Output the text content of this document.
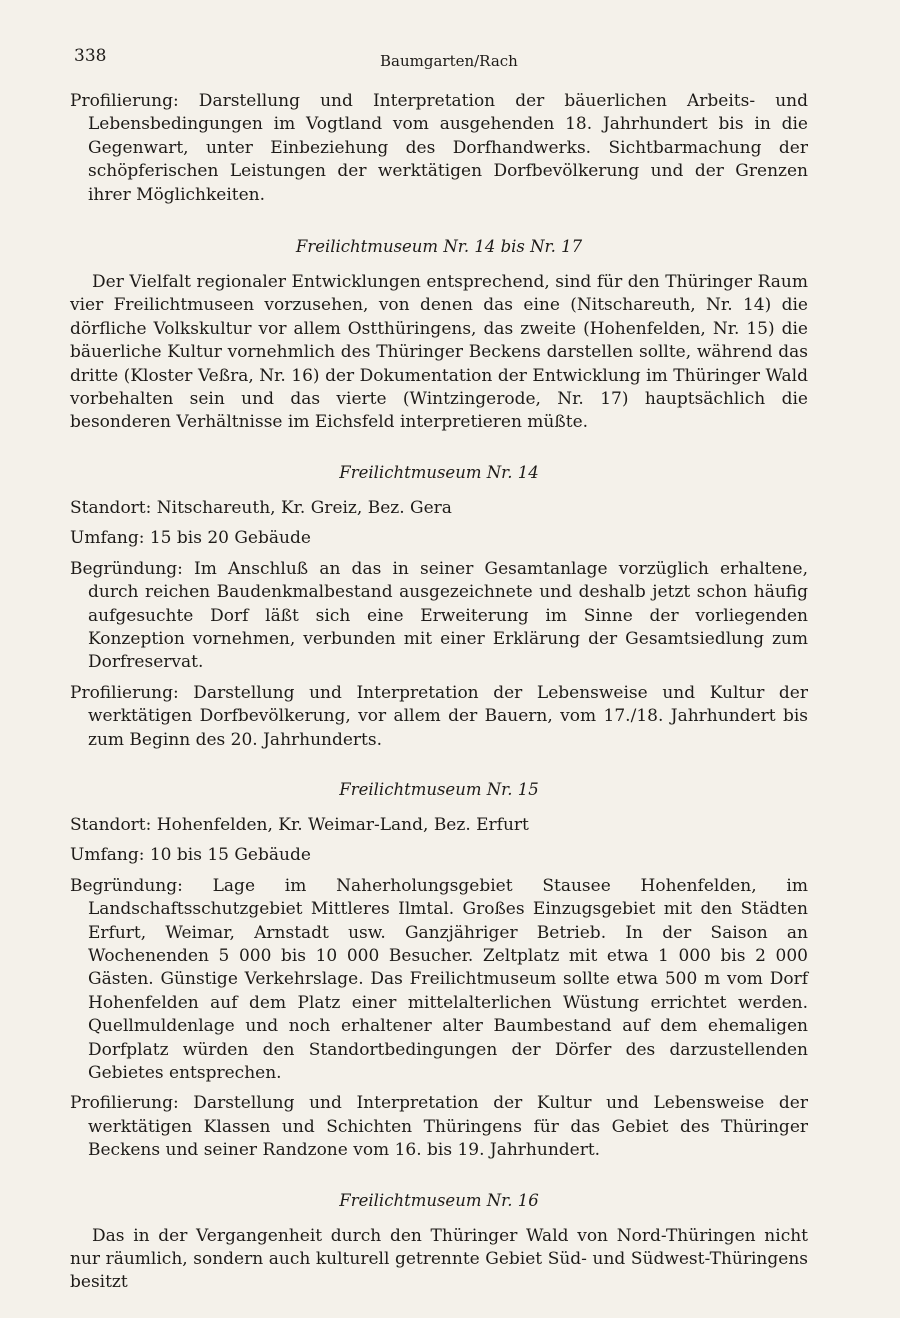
338	Baumgarten/Rach

Profilierung: Darstellung und Interpretation der bäuerlichen Arbeits- und Lebensbedingungen im Vogtland vom ausgehenden 18. Jahrhundert bis in die Gegenwart, unter Einbeziehung des Dorfhandwerks. Sichtbarmachung der schöpferischen Leistungen der werktätigen Dorfbevölkerung und der Grenzen ihrer Möglichkeiten.

Freilichtmuseum Nr. 14 bis Nr. 17

Der Vielfalt regionaler Entwicklungen entsprechend, sind für den Thüringer Raum vier Freilichtmuseen vorzusehen, von denen das eine (Nitschareuth, Nr. 14) die dörfliche Volkskultur vor allem Ostthüringens, das zweite (Hohenfelden, Nr. 15) die bäuerliche Kultur vornehmlich des Thüringer Beckens darstellen sollte, während das dritte (Kloster Veßra, Nr. 16) der Dokumentation der Entwicklung im Thüringer Wald vorbehalten sein und das vierte (Wintzingerode, Nr. 17) hauptsächlich die besonderen Verhältnisse im Eichsfeld interpretieren müßte.

Freilichtmuseum Nr. 14

Standort: Nitschareuth, Kr. Greiz, Bez. Gera

Umfang: 15 bis 20 Gebäude

Begründung: Im Anschluß an das in seiner Gesamtanlage vorzüglich erhaltene, durch reichen Baudenkmalbestand ausgezeichnete und deshalb jetzt schon häufig aufgesuchte Dorf läßt sich eine Erweiterung im Sinne der vorliegenden Konzeption vornehmen, verbunden mit einer Erklärung der Gesamtsiedlung zum Dorfreservat.

Profilierung: Darstellung und Interpretation der Lebensweise und Kultur der werktätigen Dorfbevölkerung, vor allem der Bauern, vom 17./18. Jahrhundert bis zum Beginn des 20. Jahrhunderts.

Freilichtmuseum Nr. 15

Standort: Hohenfelden, Kr. Weimar-Land, Bez. Erfurt

Umfang: 10 bis 15 Gebäude

Begründung: Lage im Naherholungsgebiet Stausee Hohenfelden, im Landschaftsschutzgebiet Mittleres Ilmtal. Großes Einzugsgebiet mit den Städten Erfurt, Weimar, Arnstadt usw. Ganzjähriger Betrieb. In der Saison an Wochenenden 5 000 bis 10 000 Besucher. Zeltplatz mit etwa 1 000 bis 2 000 Gästen. Günstige Verkehrslage. Das Freilichtmuseum sollte etwa 500 m vom Dorf Hohenfelden auf dem Platz einer mittelalterlichen Wüstung errichtet werden. Quellmuldenlage und noch erhaltener alter Baumbestand auf dem ehemaligen Dorfplatz würden den Standortbedingungen der Dörfer des darzustellenden Gebietes entsprechen.

Profilierung: Darstellung und Interpretation der Kultur und Lebensweise der werktätigen Klassen und Schichten Thüringens für das Gebiet des Thüringer Beckens und seiner Randzone vom 16. bis 19. Jahrhundert.

Freilichtmuseum Nr. 16

Das in der Vergangenheit durch den Thüringer Wald von Nord-Thüringen nicht nur räumlich, sondern auch kulturell getrennte Gebiet Süd- und Südwest-Thüringens besitzt
